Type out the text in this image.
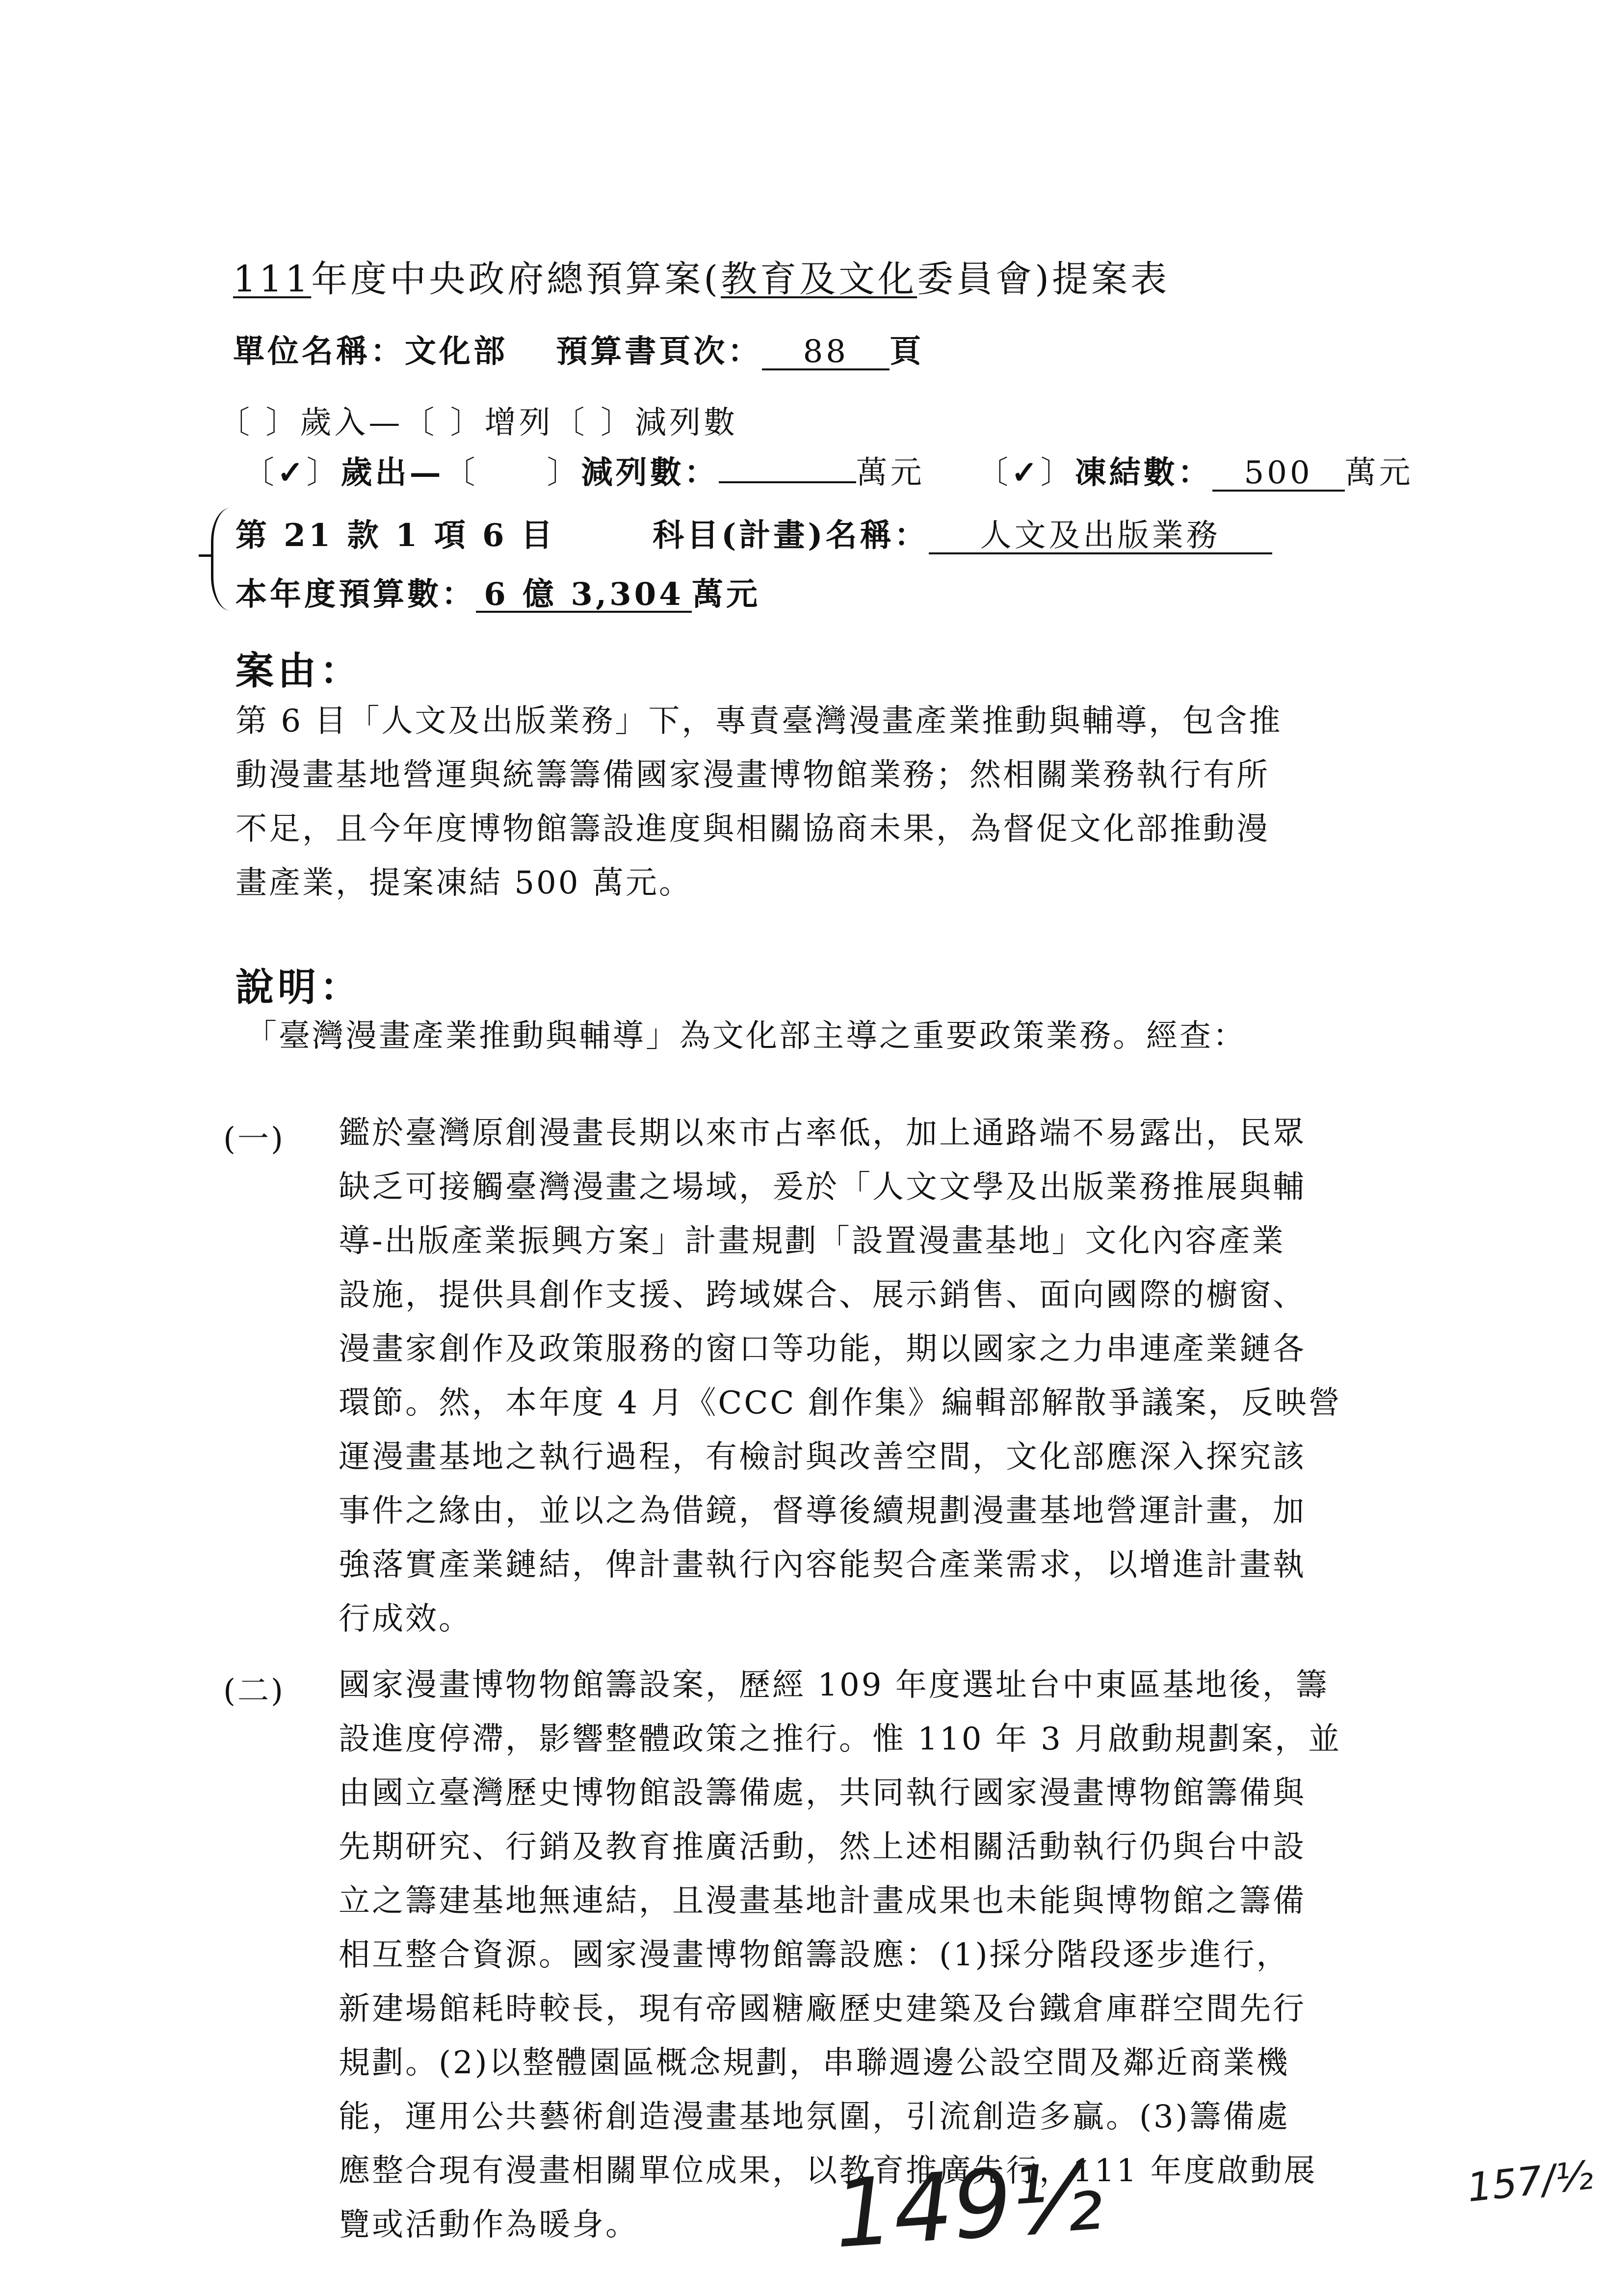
111年度中央政府總預算案(教育及文化委員會)提案表
單位名稱：文化部 預算書頁次： 88 頁
〔 〕歲入—〔 〕增列〔 〕減列數
〔✓〕歲出—〔　　〕減列數：	萬元 〔✓〕凍結數： 500 萬元
第 21 款 1 項 6 目	科目(計畫)名稱： 人文及出版業務
本年度預算數： 6 億 3,304 萬元
案由：
第 6 目「人文及出版業務」下，專責臺灣漫畫產業推動與輔導，包含推
動漫畫基地營運與統籌籌備國家漫畫博物館業務；然相關業務執行有所
不足，且今年度博物館籌設進度與相關協商未果，為督促文化部推動漫
畫產業，提案凍結 500 萬元。
說明：
「臺灣漫畫產業推動與輔導」為文化部主導之重要政策業務。經查：
(一) 鑑於臺灣原創漫畫長期以來市占率低，加上通路端不易露出，民眾
缺乏可接觸臺灣漫畫之場域，爰於「人文文學及出版業務推展與輔
導-出版產業振興方案」計畫規劃「設置漫畫基地」文化內容產業
設施，提供具創作支援、跨域媒合、展示銷售、面向國際的櫥窗、
漫畫家創作及政策服務的窗口等功能，期以國家之力串連產業鏈各
環節。然，本年度 4 月《CCC 創作集》編輯部解散爭議案，反映營
運漫畫基地之執行過程，有檢討與改善空間，文化部應深入探究該
事件之緣由，並以之為借鏡，督導後續規劃漫畫基地營運計畫，加
強落實產業鏈結，俾計畫執行內容能契合產業需求，以增進計畫執
行成效。
(二) 國家漫畫博物物館籌設案，歷經 109 年度選址台中東區基地後，籌
設進度停滯，影響整體政策之推行。惟 110 年 3 月啟動規劃案，並
由國立臺灣歷史博物館設籌備處，共同執行國家漫畫博物館籌備與
先期研究、行銷及教育推廣活動，然上述相關活動執行仍與台中設
立之籌建基地無連結，且漫畫基地計畫成果也未能與博物館之籌備
相互整合資源。國家漫畫博物館籌設應：(1)採分階段逐步進行，
新建場館耗時較長，現有帝國糖廠歷史建築及台鐵倉庫群空間先行
規劃。(2)以整體園區概念規劃，串聯週邊公設空間及鄰近商業機
能，運用公共藝術創造漫畫基地氛圍，引流創造多贏。(3)籌備處
應整合現有漫畫相關單位成果，以教育推廣先行，111 年度啟動展
覽或活動作為暖身。	149½	157/½
